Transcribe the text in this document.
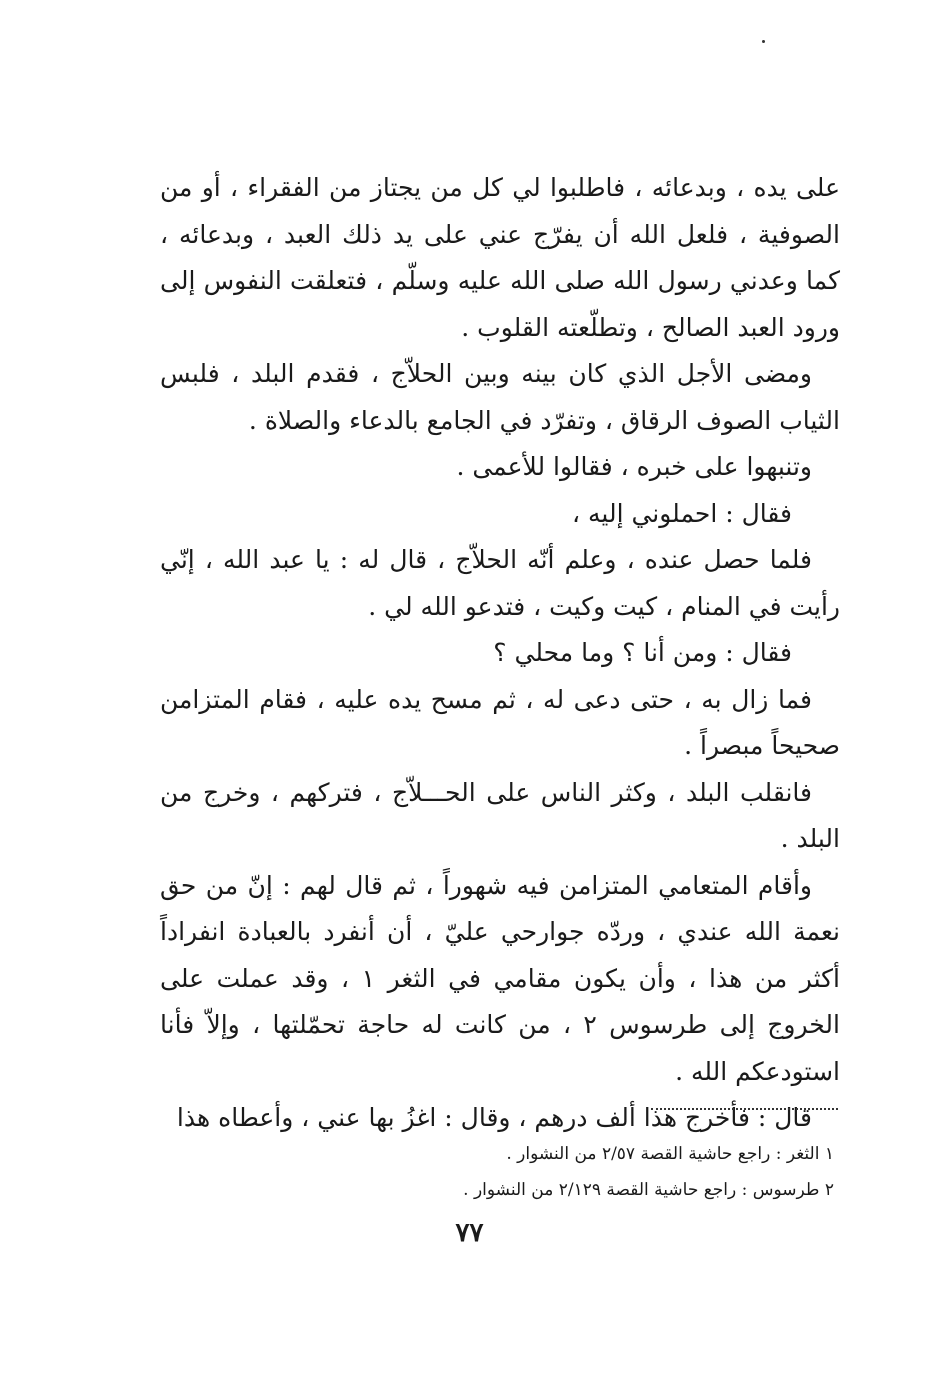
على يده ، وبدعائه ، فاطلبوا لي كل من يجتاز من الفقراء ، أو من الصوفية ، فلعل الله أن يفرّج عني على يد ذلك العبد ، وبدعائه ، كما وعدني رسول الله صلى الله عليه وسلّم ، فتعلقت النفوس إلى ورود العبد الصالح ، وتطلّعته القلوب .

ومضى الأجل الذي كان بينه وبين الحلاّج ، فقدم البلد ، فلبس الثياب الصوف الرقاق ، وتفرّد في الجامع بالدعاء والصلاة .

وتنبهوا على خبره ، فقالوا للأعمى .

فقال : احملوني إليه ،

فلما حصل عنده ، وعلم أنّه الحلاّج ، قال له : يا عبد الله ، إنّي رأيت في المنام ، كيت وكيت ، فتدعو الله لي .

فقال : ومن أنا ؟ وما محلي ؟

فما زال به ، حتى دعى له ، ثم مسح يده عليه ، فقام المتزامن صحيحاً مبصراً .

فانقلب البلد ، وكثر الناس على الحـــلاّج ، فتركهم ، وخرج من البلد .

وأقام المتعامي المتزامن فيه شهوراً ، ثم قال لهم : إنّ من حق نعمة الله عندي ، وردّه جوارحي عليّ ، أن أنفرد بالعبادة انفراداً أكثر من هذا ، وأن يكون مقامي في الثغر ١ ، وقد عملت على الخروج إلى طرسوس ٢ ، من كانت له حاجة تحمّلتها ، وإلاّ فأنا استودعكم الله .

قال : فأخرج هذا ألف درهم ، وقال : اغزُ بها عني ، وأعطاه هذا

١ الثغر : راجع حاشية القصة ٢/٥٧ من النشوار .

٢ طرسوس : راجع حاشية القصة ٢/١٢٩ من النشوار .

٧٧
